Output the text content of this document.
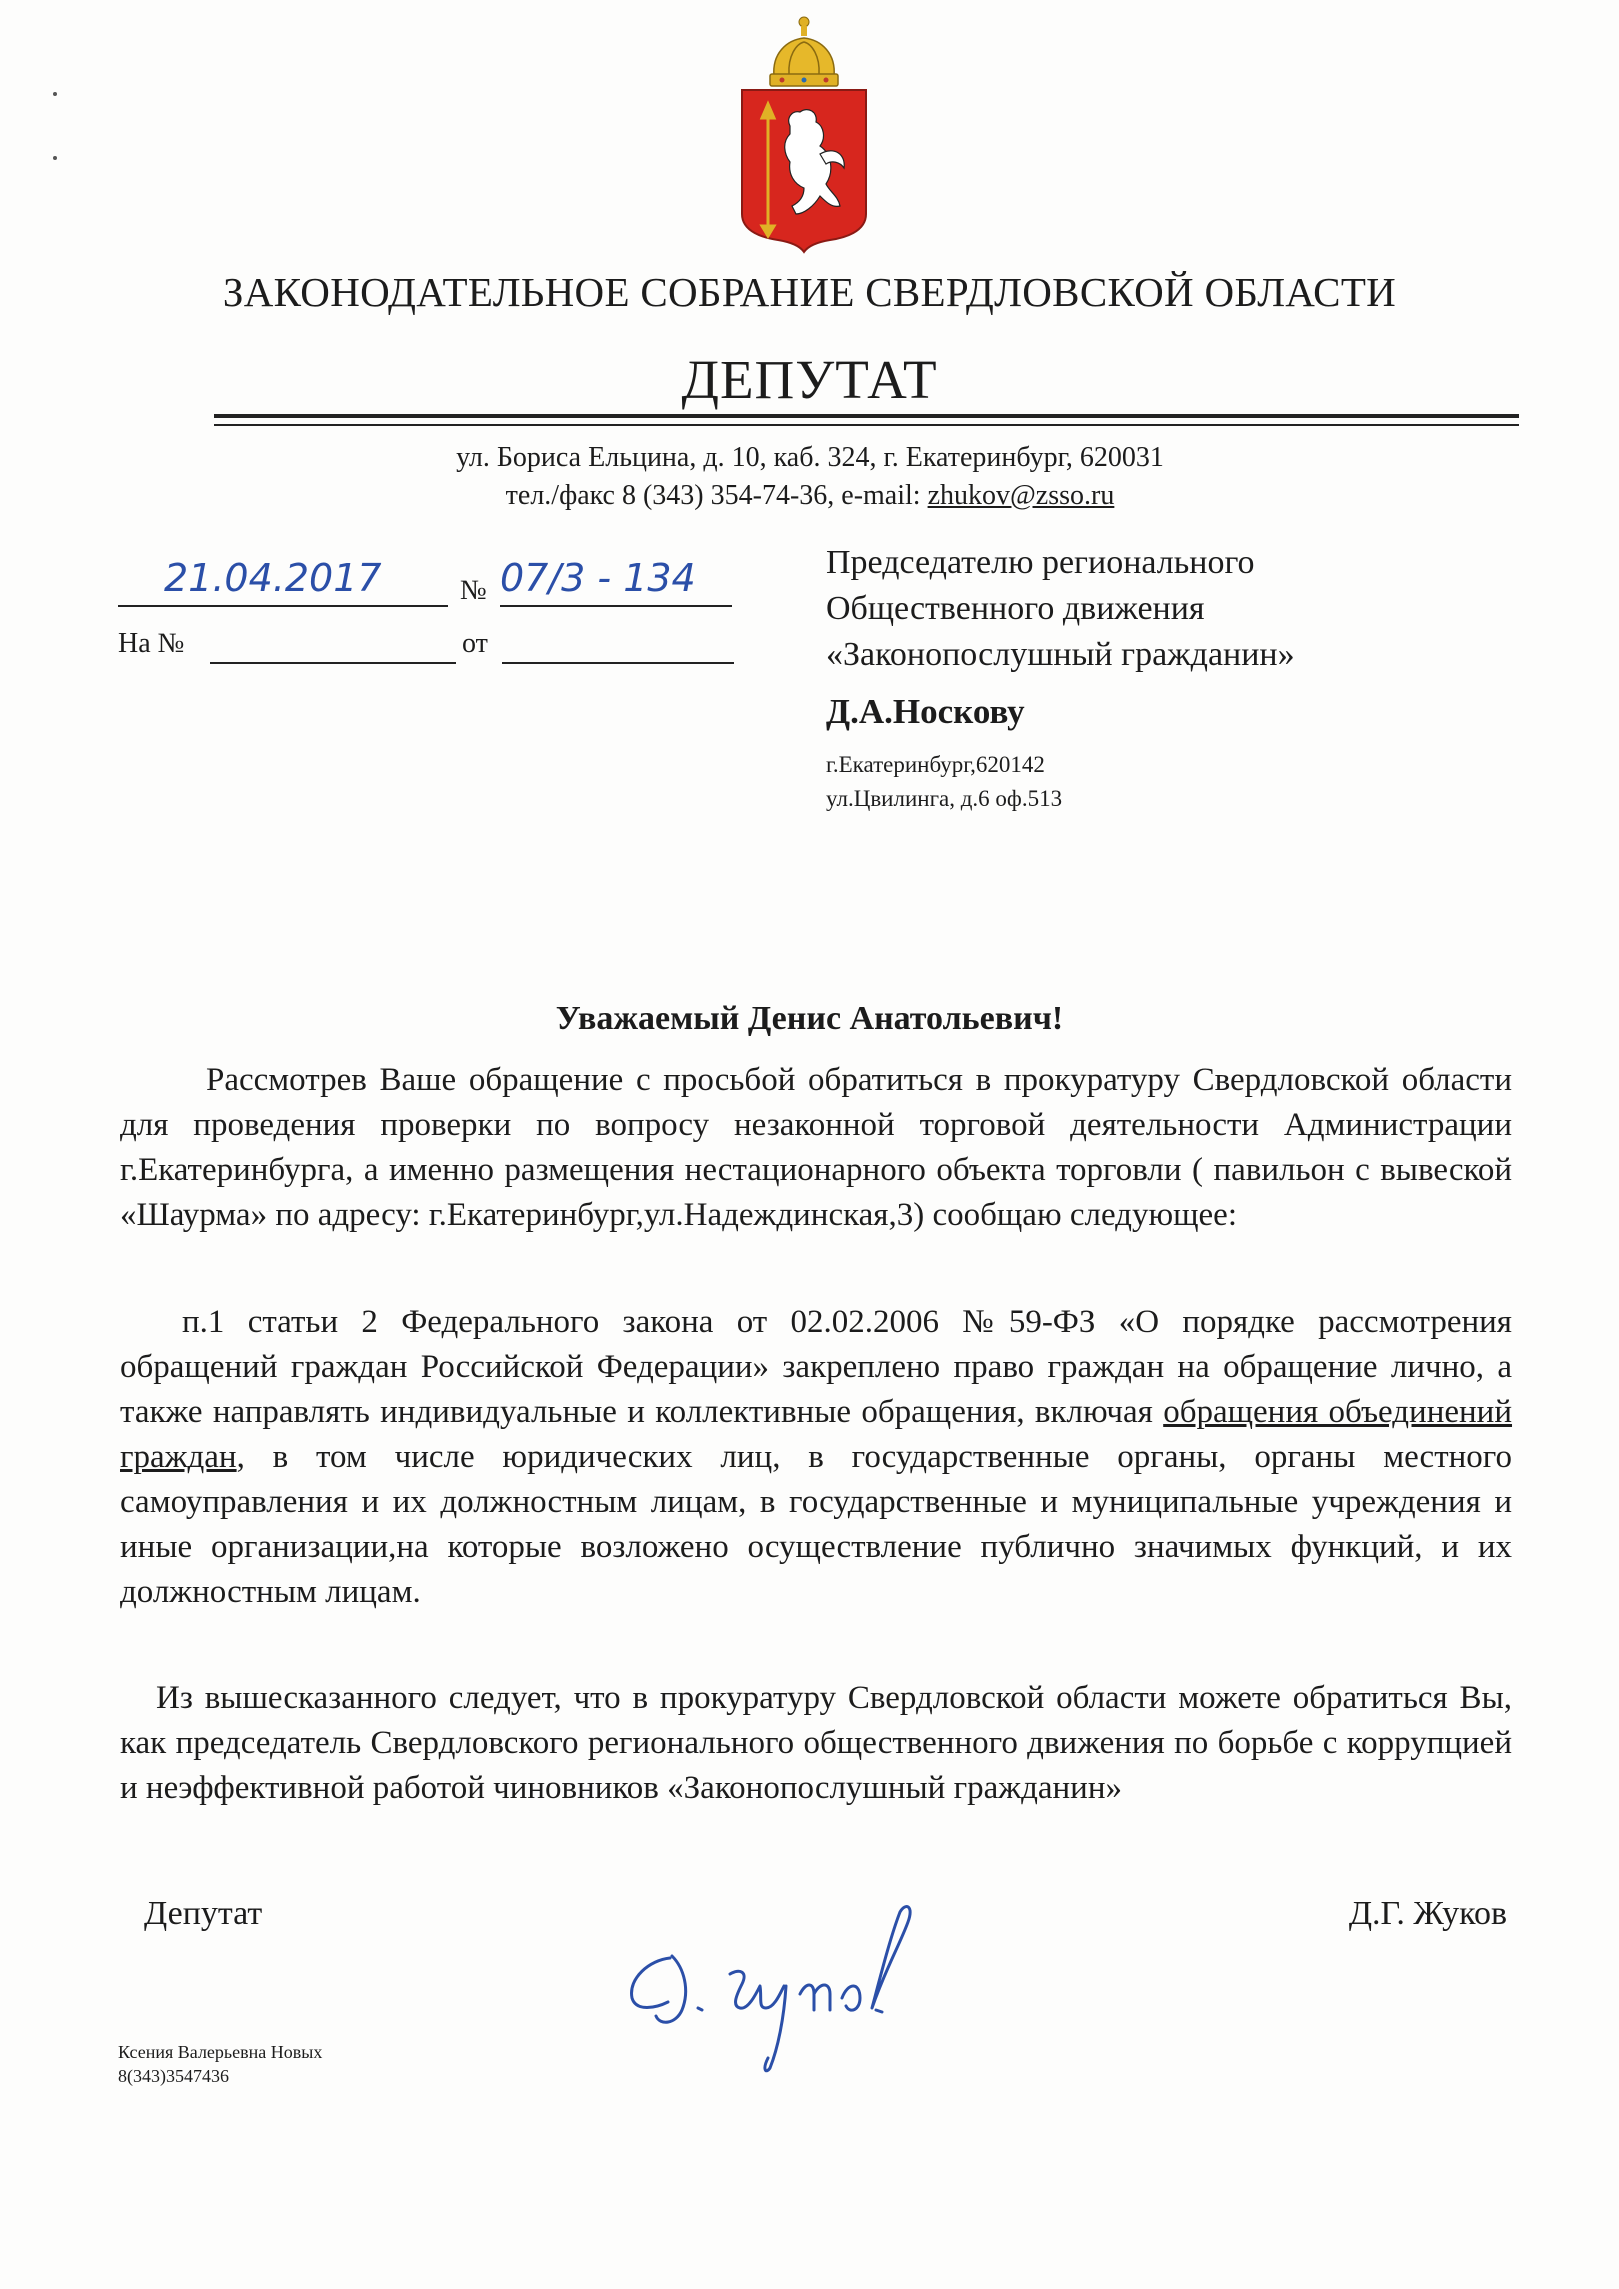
ЗАКОНОДАТЕЛЬНОЕ СОБРАНИЕ СВЕРДЛОВСКОЙ ОБЛАСТИ
ДЕПУТАТ
ул. Бориса Ельцина, д. 10, каб. 324, г. Екатеринбург, 620031
тел./факс 8 (343) 354-74-36, e-mail: zhukov@zsso.ru
21.04.2017	№ 07/3 - 134
На №	от
Председателю регионального
Общественного движения
«Законопослушный гражданин»
Д.А.Носкову
г.Екатеринбург,620142
ул.Цвилинга, д.6 оф.513
Уважаемый Денис Анатольевич!

Рассмотрев Ваше обращение с просьбой обратиться в прокуратуру Свердловской области для проведения проверки по вопросу незаконной торговой деятельности Администрации г.Екатеринбурга, а именно размещения нестационарного объекта торговли ( павильон с вывеской «Шаурма» по адресу: г.Екатеринбург,ул.Надеждинская,3) сообщаю следующее:

п.1 статьи 2 Федерального закона от 02.02.2006 №59-ФЗ «О порядке рассмотрения обращений граждан Российской Федерации» закреплено право граждан на обращение лично, а также направлять индивидуальные и коллективные обращения, включая обращения объединений граждан, в том числе юридических лиц, в государственные органы, органы местного самоуправления и их должностным лицам, в государственные и муниципальные учреждения и иные организации,на которые возложено осуществление публично значимых функций, и их должностным лицам.

Из вышесказанного следует, что в прокуратуру Свердловской области можете обратиться Вы, как председатель Свердловского регионального общественного движения по борьбе с коррупцией и неэффективной работой чиновников «Законопослушный гражданин»

Депутат	Д.Г. Жуков
Ксения Валерьевна Новых
8(343)3547436
